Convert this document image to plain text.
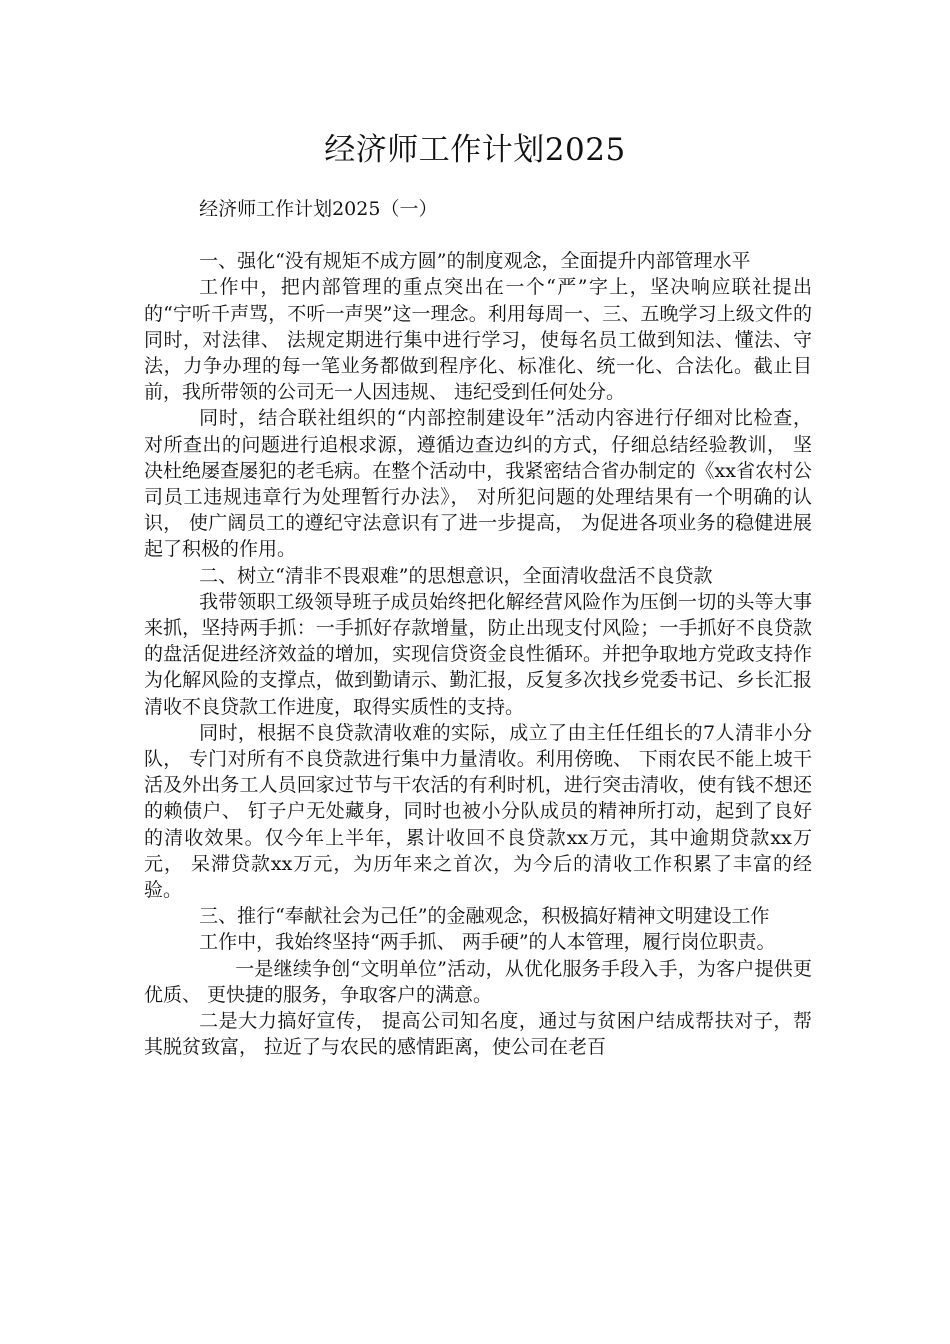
经济师工作计划2025

经济师工作计划2025（一）

一、强化“没有规矩不成方圆”的制度观念，全面提升内部管理水平

工作中，把内部管理的重点突出在一个“严”字上，坚决响应联社提出的“宁听千声骂，不听一声哭”这一理念。利用每周一、三、五晚学习上级文件的同时，对法律、 法规定期进行集中进行学习，使每名员工做到知法、懂法、守法，力争办理的每一笔业务都做到程序化、标准化、统一化、合法化。截止目前，我所带领的公司无一人因违规、 违纪受到任何处分。

同时，结合联社组织的“内部控制建设年”活动内容进行仔细对比检查， 对所查出的问题进行追根求源，遵循边查边纠的方式，仔细总结经验教训， 坚决杜绝屡查屡犯的老毛病。在整个活动中，我紧密结合省办制定的《xx省农村公司员工违规违章行为处理暂行办法》， 对所犯问题的处理结果有一个明确的认识， 使广阔员工的遵纪守法意识有了进一步提高， 为促进各项业务的稳健进展起了积极的作用。

二、树立“清非不畏艰难”的思想意识，全面清收盘活不良贷款

我带领职工级领导班子成员始终把化解经营风险作为压倒一切的头等大事来抓，坚持两手抓：一手抓好存款增量，防止出现支付风险；一手抓好不良贷款的盘活促进经济效益的增加，实现信贷资金良性循环。并把争取地方党政支持作为化解风险的支撑点，做到勤请示、勤汇报，反复多次找乡党委书记、乡长汇报清收不良贷款工作进度，取得实质性的支持。

同时，根据不良贷款清收难的实际，成立了由主任任组长的7人清非小分队， 专门对所有不良贷款进行集中力量清收。利用傍晚、 下雨农民不能上坡干活及外出务工人员回家过节与干农活的有利时机，进行突击清收，使有钱不想还的赖债户、 钉子户无处藏身，同时也被小分队成员的精神所打动，起到了良好的清收效果。仅今年上半年，累计收回不良贷款xx万元，其中逾期贷款xx万元， 呆滞贷款xx万元，为历年来之首次，为今后的清收工作积累了丰富的经验。

三、推行“奉献社会为己任”的金融观念，积极搞好精神文明建设工作

工作中，我始终坚持“两手抓、 两手硬”的人本管理，履行岗位职责。

一是继续争创“文明单位”活动，从优化服务手段入手，为客户提供更优质、 更快捷的服务，争取客户的满意。

二是大力搞好宣传， 提高公司知名度，通过与贫困户结成帮扶对子，帮其脱贫致富， 拉近了与农民的感情距离，使公司在老百
